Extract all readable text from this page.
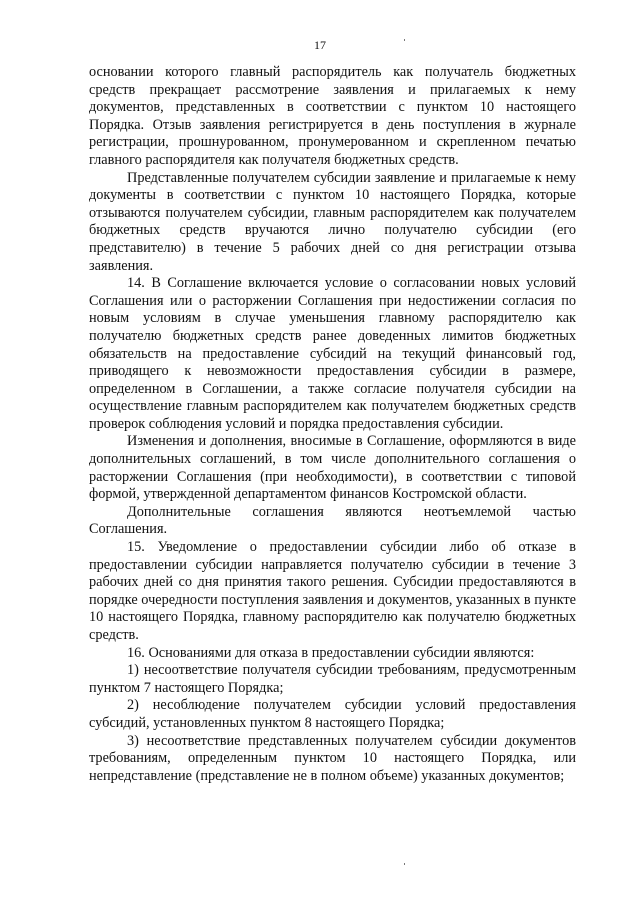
17

основании которого главный распорядитель как получатель бюджетных средств прекращает рассмотрение заявления и прилагаемых к нему документов, представленных в соответствии с пунктом 10 настоящего Порядка. Отзыв заявления регистрируется в день поступления в журнале регистрации, прошнурованном, пронумерованном и скрепленном печатью главного распорядителя как получателя бюджетных средств.

Представленные получателем субсидии заявление и прилагаемые к нему документы в соответствии с пунктом 10 настоящего Порядка, которые отзываются получателем субсидии, главным распорядителем как получателем бюджетных средств вручаются лично получателю субсидии (его представителю) в течение 5 рабочих дней со дня регистрации отзыва заявления.

14. В Соглашение включается условие о согласовании новых условий Соглашения или о расторжении Соглашения при недостижении согласия по новым условиям в случае уменьшения главному распорядителю как получателю бюджетных средств ранее доведенных лимитов бюджетных обязательств на предоставление субсидий на текущий финансовый год, приводящего к невозможности предоставления субсидии в размере, определенном в Соглашении, а также согласие получателя субсидии на осуществление главным распорядителем как получателем бюджетных средств проверок соблюдения условий и порядка предоставления субсидии.

Изменения и дополнения, вносимые в Соглашение, оформляются в виде дополнительных соглашений, в том числе дополнительного соглашения о расторжении Соглашения (при необходимости), в соответствии с типовой формой, утвержденной департаментом финансов Костромской области.

Дополнительные соглашения являются неотъемлемой частью Соглашения.

15. Уведомление о предоставлении субсидии либо об отказе в предоставлении субсидии направляется получателю субсидии в течение 3 рабочих дней со дня принятия такого решения. Субсидии предоставляются в порядке очередности поступления заявления и документов, указанных в пункте 10 настоящего Порядка, главному распорядителю как получателю бюджетных средств.

16. Основаниями для отказа в предоставлении субсидии являются:

1) несоответствие получателя субсидии требованиям, предусмотренным пунктом 7 настоящего Порядка;

2) несоблюдение получателем субсидии условий предоставления субсидий, установленных пунктом 8 настоящего Порядка;

3) несоответствие представленных получателем субсидии документов требованиям, определенным пунктом 10 настоящего Порядка, или непредставление (представление не в полном объеме) указанных документов;
